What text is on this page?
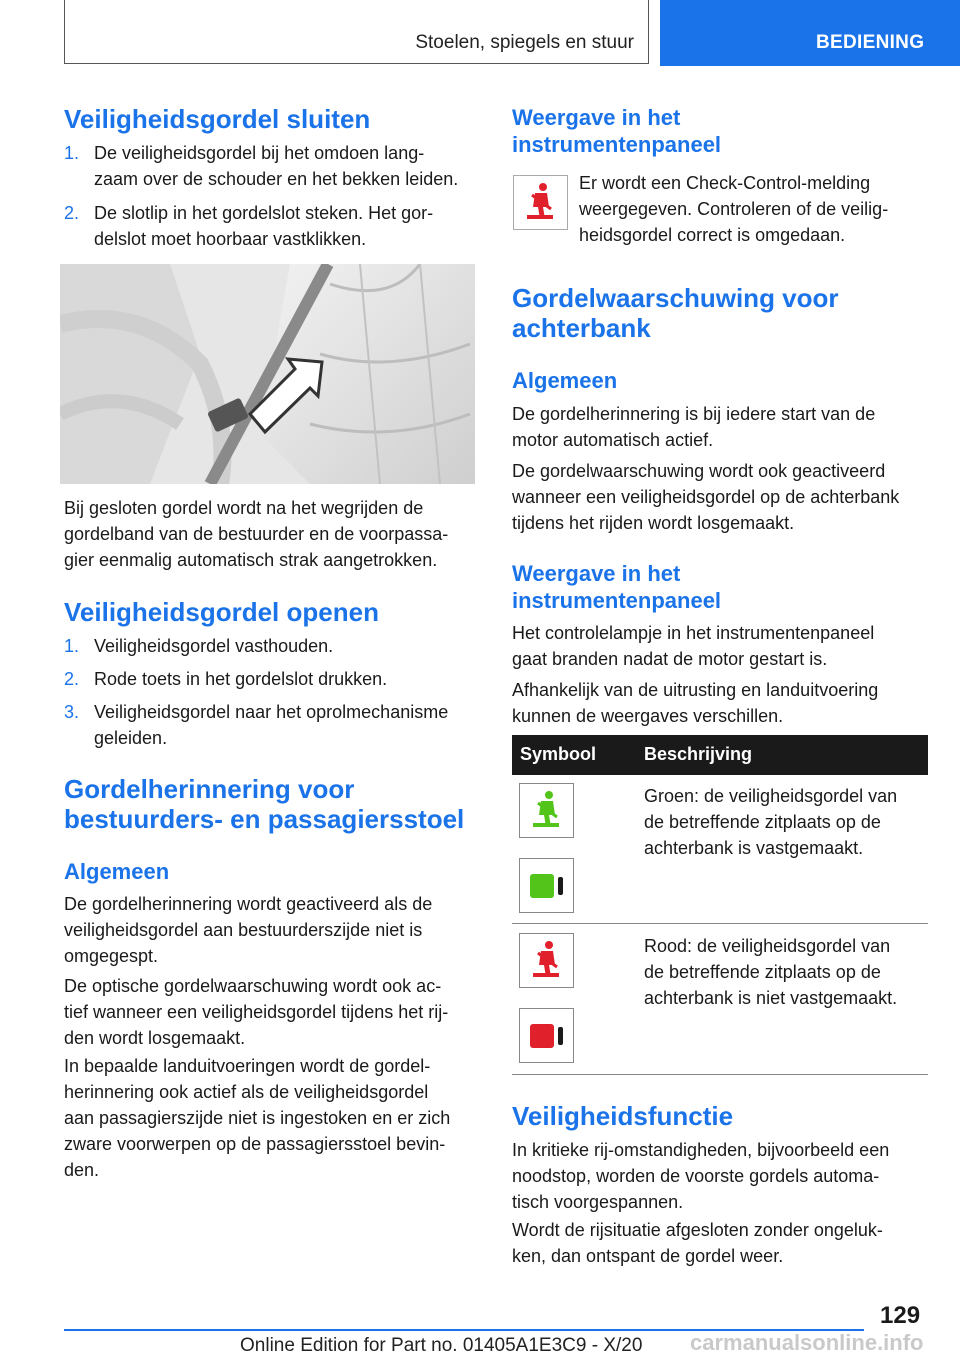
Stoelen, spiegels en stuur	BEDIENING
Veiligheidsgordel sluiten
1. De veiligheidsgordel bij het omdoen lang-
zaam over de schouder en het bekken leiden.
2. De slotlip in het gordelslot steken. Het gor-
delslot moet hoorbaar vastklikken.
Bij gesloten gordel wordt na het wegrijden de
gordelband van de bestuurder en de voorpassa-
gier eenmalig automatisch strak aangetrokken.
Veiligheidsgordel openen
1. Veiligheidsgordel vasthouden.
2. Rode toets in het gordelslot drukken.
3. Veiligheidsgordel naar het oprolmechanisme
geleiden.
Gordelherinnering voor
bestuurders- en passagiersstoel
Algemeen
De gordelherinnering wordt geactiveerd als de
veiligheidsgordel aan bestuurderszijde niet is
omgegespt.
De optische gordelwaarschuwing wordt ook ac-
tief wanneer een veiligheidsgordel tijdens het rij-
den wordt losgemaakt.
In bepaalde landuitvoeringen wordt de gordel-
herinnering ook actief als de veiligheidsgordel
aan passagierszijde niet is ingestoken en er zich
zware voorwerpen op de passagiersstoel bevin-
den.
Weergave in het
instrumentenpaneel
Er wordt een Check-Control-melding
weergegeven. Controleren of de veilig-
heidsgordel correct is omgedaan.
Gordelwaarschuwing voor
achterbank
Algemeen
De gordelherinnering is bij iedere start van de
motor automatisch actief.
De gordelwaarschuwing wordt ook geactiveerd
wanneer een veiligheidsgordel op de achterbank
tijdens het rijden wordt losgemaakt.
Weergave in het
instrumentenpaneel
Het controlelampje in het instrumentenpaneel
gaat branden nadat de motor gestart is.
Afhankelijk van de uitrusting en landuitvoering
kunnen de weergaves verschillen.
Symbool	Beschrijving
Groen: de veiligheidsgordel van
de betreffende zitplaats op de
achterbank is vastgemaakt.
Rood: de veiligheidsgordel van
de betreffende zitplaats op de
achterbank is niet vastgemaakt.
Veiligheidsfunctie
In kritieke rij-omstandigheden, bijvoorbeeld een
noodstop, worden de voorste gordels automa-
tisch voorgespannen.
Wordt de rijsituatie afgesloten zonder ongeluk-
ken, dan ontspant de gordel weer.
129
Online Edition for Part no. 01405A1E3C9 - X/20 carmanualsonline.info
